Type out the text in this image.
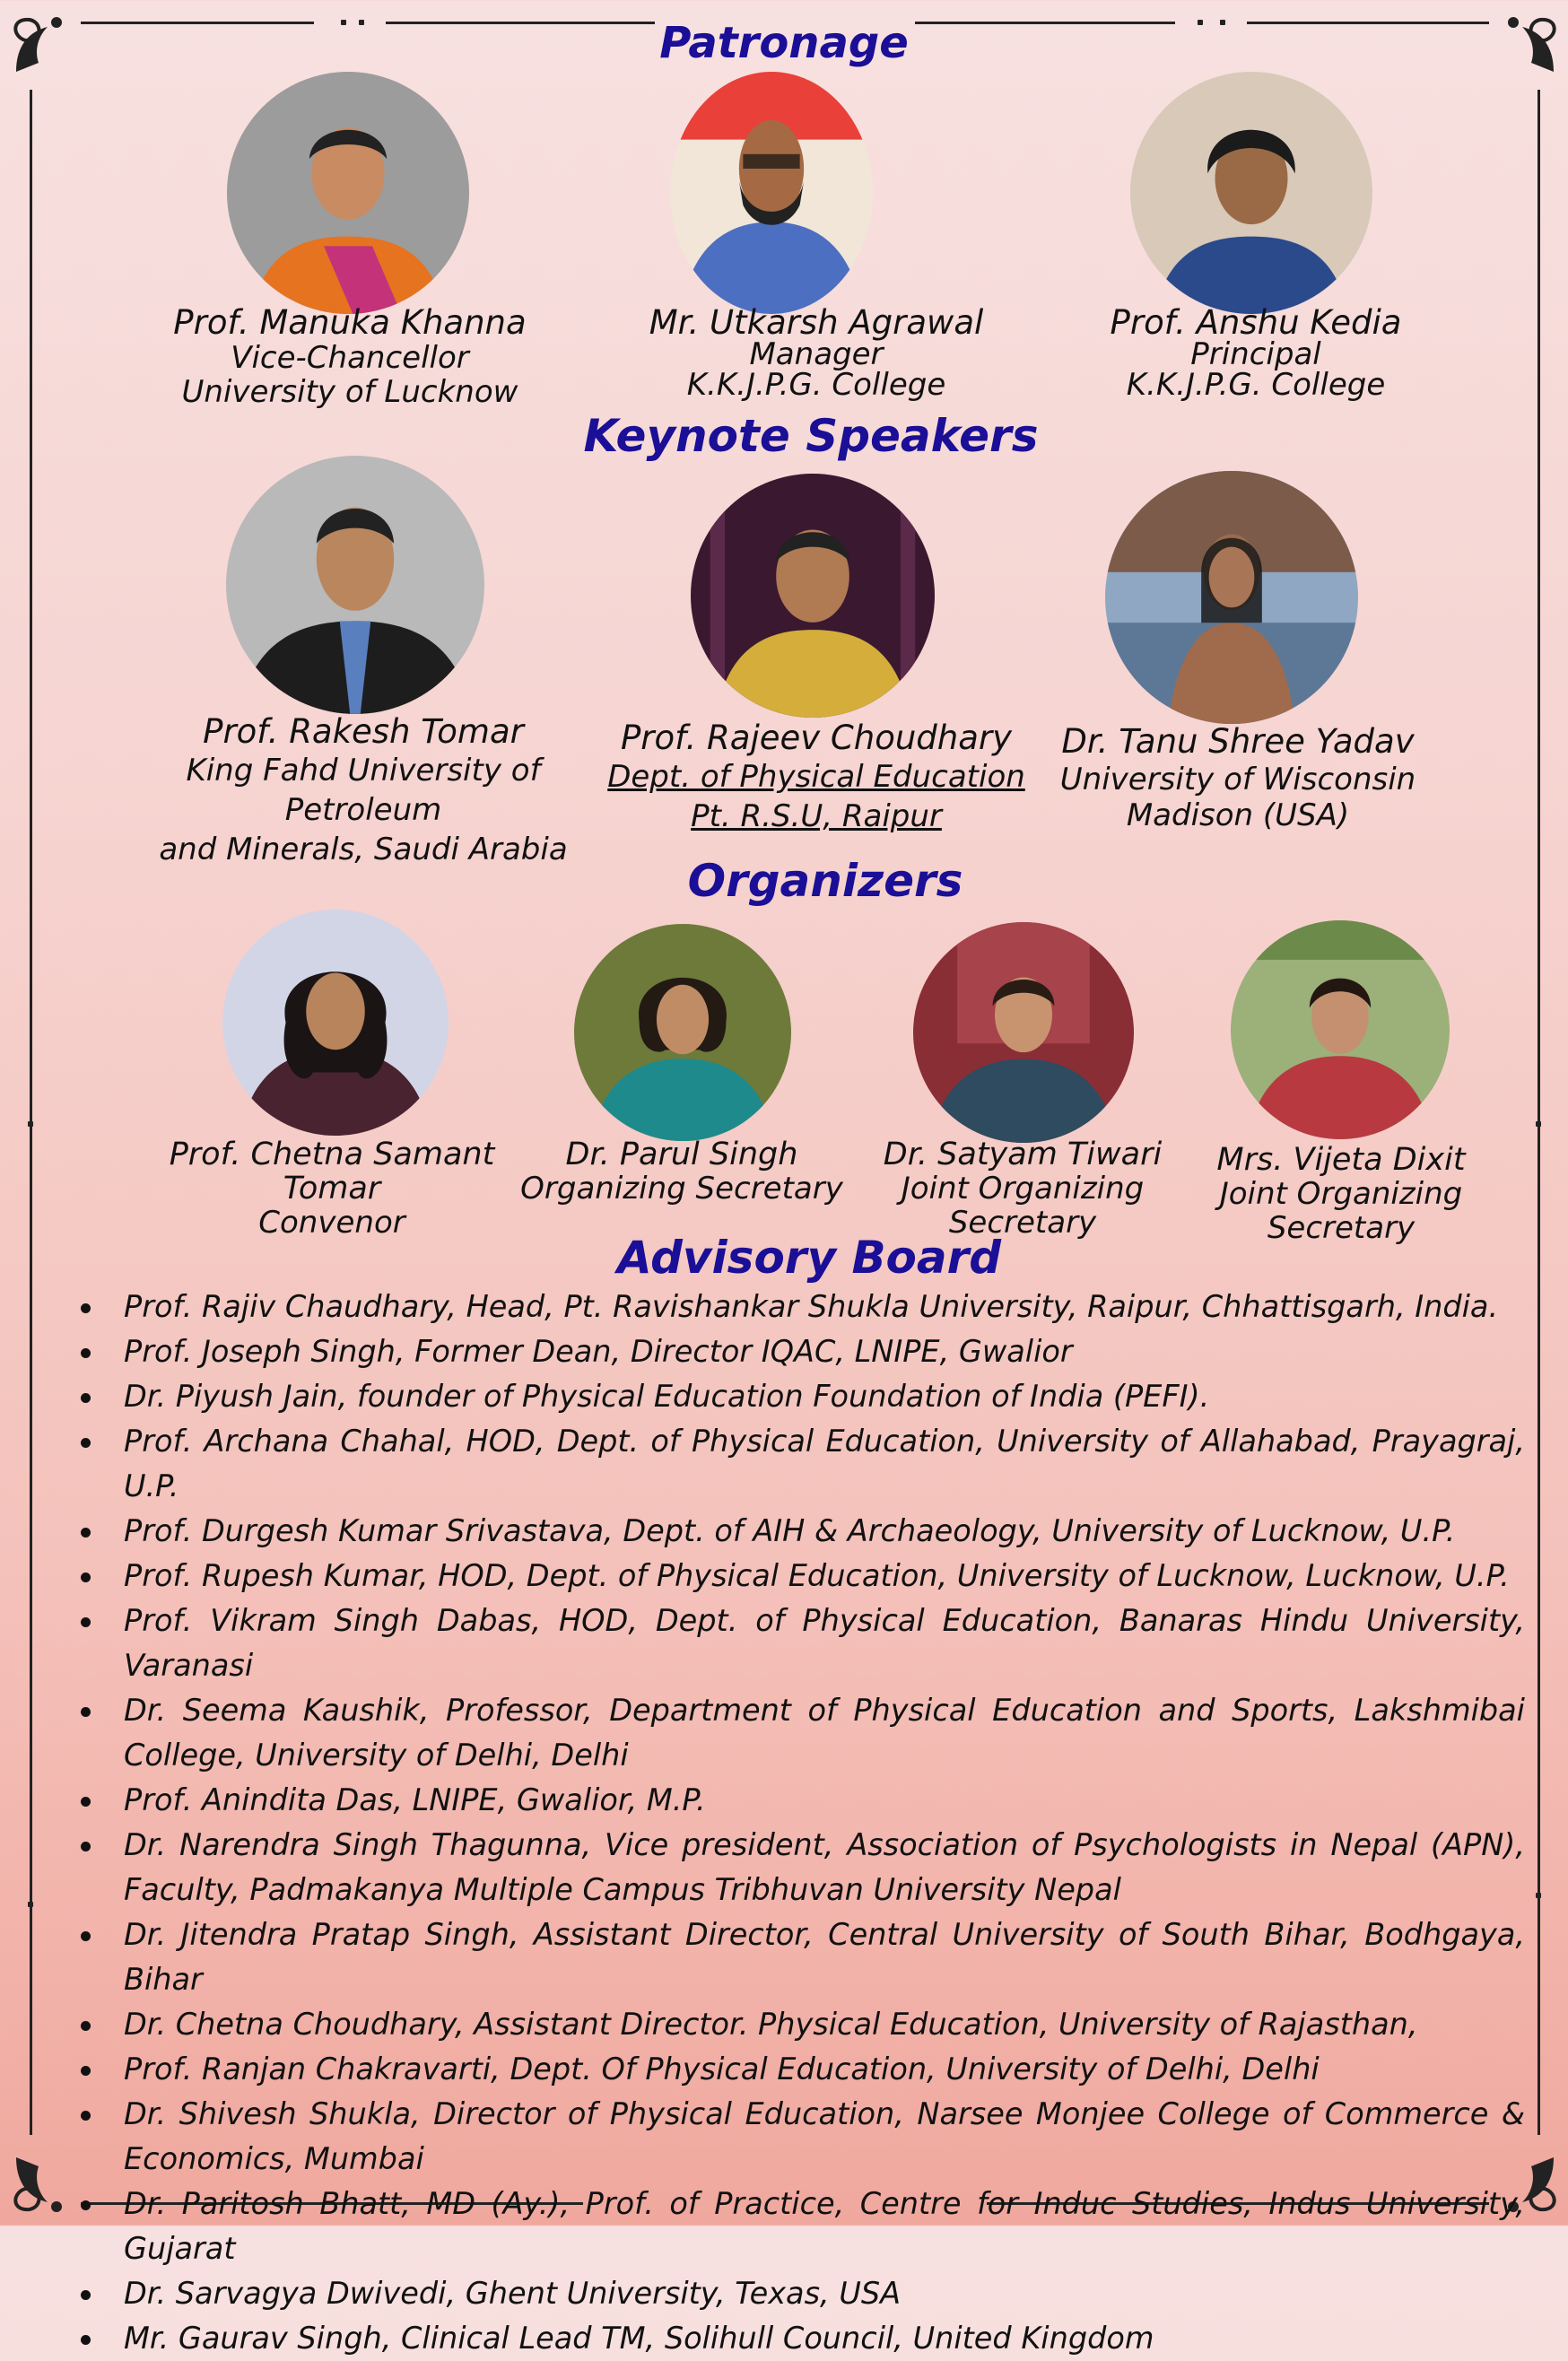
Patronage
Prof. Manuka Khanna
Vice-Chancellor
University of Lucknow
Mr. Utkarsh Agrawal
Manager
K.K.J.P.G. College
Prof. Anshu Kedia
Principal
K.K.J.P.G. College
Keynote Speakers
Prof. Rakesh Tomar
King Fahd University of
Petroleum
and Minerals, Saudi Arabia
Prof. Rajeev Choudhary
Dept. of Physical Education
Pt. R.S.U, Raipur
Dr. Tanu Shree Yadav
University of Wisconsin
Madison (USA)
Organizers
Prof. Chetna Samant Tomar
Convenor
Dr. Parul Singh
Organizing Secretary
Dr. Satyam Tiwari
Joint Organizing
Secretary
Mrs. Vijeta Dixit
Joint Organizing
Secretary
Advisory Board
Prof. Rajiv Chaudhary, Head, Pt. Ravishankar Shukla University, Raipur, Chhattisgarh, India.
Prof. Joseph Singh, Former Dean, Director IQAC, LNIPE, Gwalior
Dr. Piyush Jain, founder of Physical Education Foundation of India (PEFI).
Prof. Archana Chahal, HOD, Dept. of Physical Education, University of Allahabad, Prayagraj, U.P.
Prof. Durgesh Kumar Srivastava, Dept. of AIH & Archaeology, University of Lucknow, U.P.
Prof. Rupesh Kumar, HOD, Dept. of Physical Education, University of Lucknow, Lucknow, U.P.
Prof. Vikram Singh Dabas, HOD, Dept. of Physical Education, Banaras Hindu University, Varanasi
Dr. Seema Kaushik, Professor, Department of Physical Education and Sports, Lakshmibai College, University of Delhi, Delhi
Prof. Anindita Das, LNIPE, Gwalior, M.P.
Dr. Narendra Singh Thagunna, Vice president, Association of Psychologists in Nepal (APN), Faculty, Padmakanya Multiple Campus Tribhuvan University Nepal
Dr. Jitendra Pratap Singh, Assistant Director, Central University of South Bihar, Bodhgaya, Bihar
Dr. Chetna Choudhary, Assistant Director. Physical Education, University of Rajasthan,
Prof. Ranjan Chakravarti, Dept. Of Physical Education, University of Delhi, Delhi
Dr. Shivesh Shukla, Director of Physical Education, Narsee Monjee College of Commerce & Economics, Mumbai
Dr. Paritosh Bhatt, MD (Ay.), Prof. of Practice, Centre for Induc Studies, Indus University, Gujarat
Dr. Sarvagya Dwivedi, Ghent University, Texas, USA
Mr. Gaurav Singh, Clinical Lead TM, Solihull Council, United Kingdom
